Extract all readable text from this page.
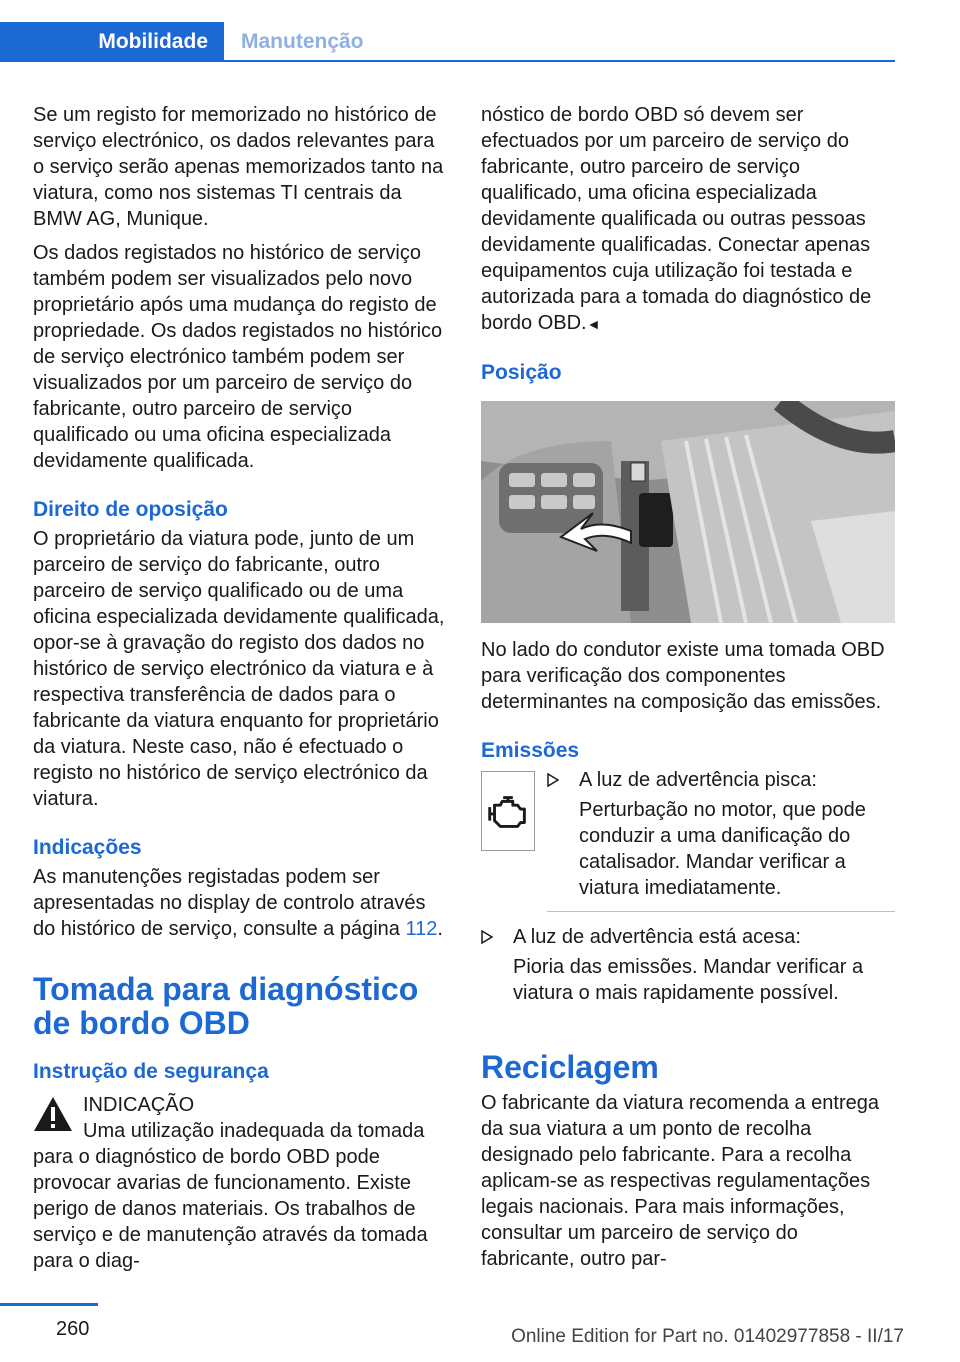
Mobilidade	Manutenção

Se um registo for memorizado no histórico de serviço electrónico, os dados relevantes para o serviço serão apenas memorizados tanto na viatura, como nos sistemas TI centrais da BMW AG, Munique.

Os dados registados no histórico de serviço também podem ser visualizados pelo novo proprietário após uma mudança do registo de propriedade. Os dados registados no histórico de serviço electrónico também podem ser visualizados por um parceiro de serviço do fabricante, outro parceiro de serviço qualificado ou uma oficina especializada devidamente qualificada.

Direito de oposição

O proprietário da viatura pode, junto de um parceiro de serviço do fabricante, outro parceiro de serviço qualificado ou de uma oficina especializada devidamente qualificada, opor-se à gravação do registo dos dados no histórico de serviço electrónico da viatura e à respectiva transferência de dados para o fabricante da viatura enquanto for proprietário da viatura. Neste caso, não é efectuado o registo no histórico de serviço electrónico da viatura.

Indicações

As manutenções registadas podem ser apresentadas no display de controlo através do histórico de serviço, consulte a página 112.

Tomada para diagnóstico de bordo OBD
Instrução de segurança
INDICAÇÃO
Uma utilização inadequada da tomada
para o diagnóstico de bordo OBD pode provocar avarias de funcionamento. Existe perigo de danos materiais. Os trabalhos de serviço e de manutenção através da tomada para o diag-

nóstico de bordo OBD só devem ser efectuados por um parceiro de serviço do fabricante, outro parceiro de serviço qualificado, uma oficina especializada devidamente qualificada ou outras pessoas devidamente qualificadas. Conectar apenas equipamentos cuja utilização foi testada e autorizada para a tomada do diagnóstico de bordo OBD.◄

Posição

No lado do condutor existe uma tomada OBD para verificação dos componentes determinantes na composição das emissões.

Emissões
A luz de advertência pisca:
Perturbação no motor, que pode conduzir a uma danificação do catalisador. Mandar verificar a viatura imediatamente.
A luz de advertência está acesa:
Pioria das emissões. Mandar verificar a viatura o mais rapidamente possível.
Reciclagem

O fabricante da viatura recomenda a entrega da sua viatura a um ponto de recolha designado pelo fabricante. Para a recolha aplicam-se as respectivas regulamentações legais nacionais. Para mais informações, consultar um parceiro de serviço do fabricante, outro par-

260	Online Edition for Part no. 01402977858 - II/17
